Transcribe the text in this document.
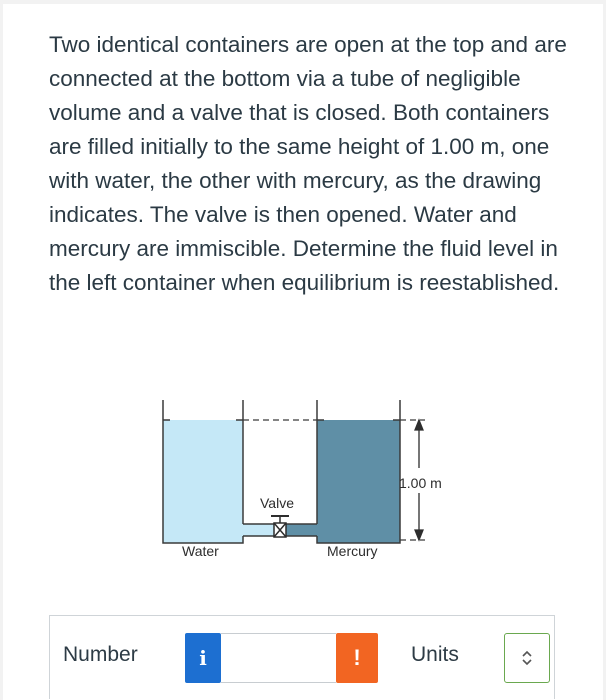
Two identical containers are open at the top and are connected at the bottom via a tube of negligible volume and a valve that is closed. Both containers are filled initially to the same height of 1.00 m, one with water, the other with mercury, as the drawing indicates. The valve is then opened. Water and mercury are immiscible. Determine the fluid level in the left container when equilibrium is reestablished.

Water	Mercury
Valve
1.00 m
Number	i	! Units
